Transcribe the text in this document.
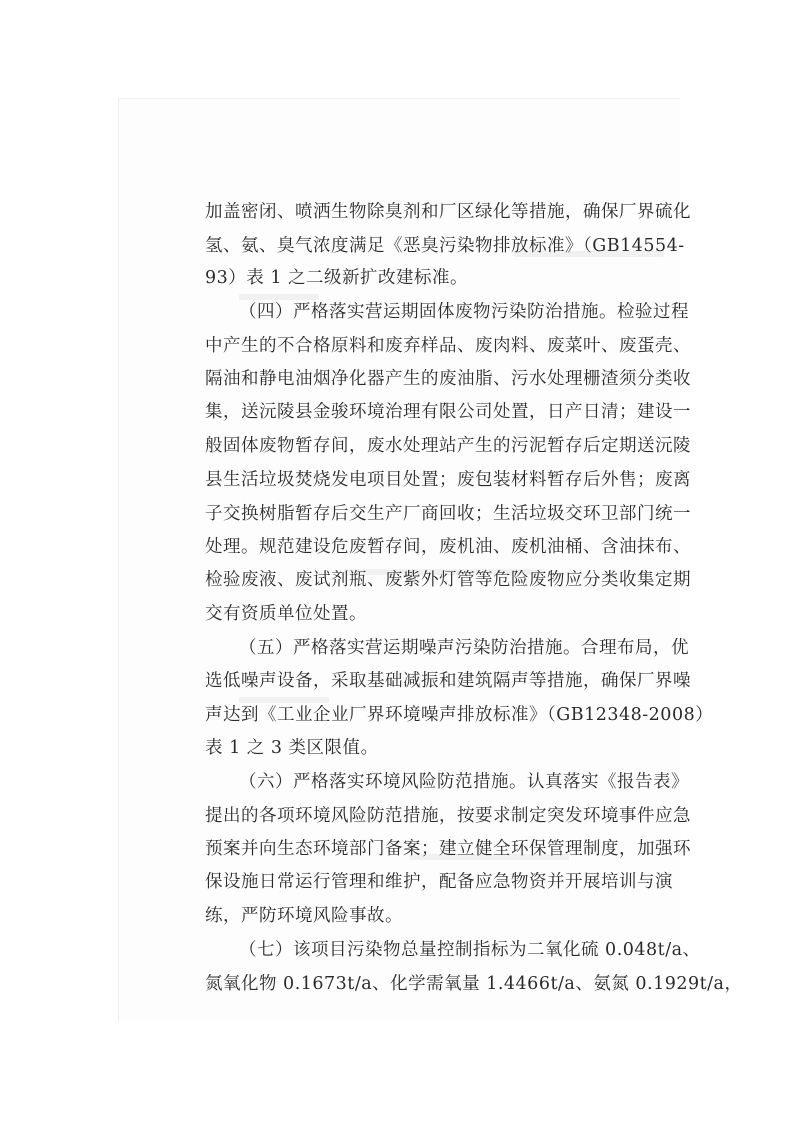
加盖密闭、喷洒生物除臭剂和厂区绿化等措施，确保厂界硫化
氢、氨、臭气浓度满足《恶臭污染物排放标准》（GB14554-
93）表 1 之二级新扩改建标准。
（四）严格落实营运期固体废物污染防治措施。检验过程
中产生的不合格原料和废弃样品、废肉料、废菜叶、废蛋壳、
隔油和静电油烟净化器产生的废油脂、污水处理栅渣须分类收
集，送沅陵县金骏环境治理有限公司处置，日产日清；建设一
般固体废物暂存间，废水处理站产生的污泥暂存后定期送沅陵
县生活垃圾焚烧发电项目处置；废包装材料暂存后外售；废离
子交换树脂暂存后交生产厂商回收；生活垃圾交环卫部门统一
处理。规范建设危废暂存间，废机油、废机油桶、含油抹布、
检验废液、废试剂瓶、废紫外灯管等危险废物应分类收集定期
交有资质单位处置。
（五）严格落实营运期噪声污染防治措施。合理布局，优
选低噪声设备，采取基础减振和建筑隔声等措施，确保厂界噪
声达到《工业企业厂界环境噪声排放标准》（GB12348-2008）
表 1 之 3 类区限值。
（六）严格落实环境风险防范措施。认真落实《报告表》
提出的各项环境风险防范措施，按要求制定突发环境事件应急
预案并向生态环境部门备案；建立健全环保管理制度，加强环
保设施日常运行管理和维护，配备应急物资并开展培训与演
练，严防环境风险事故。
（七）该项目污染物总量控制指标为二氧化硫 0.048t/a、
氮氧化物 0.1673t/a、化学需氧量 1.4466t/a、氨氮 0.1929t/a，
